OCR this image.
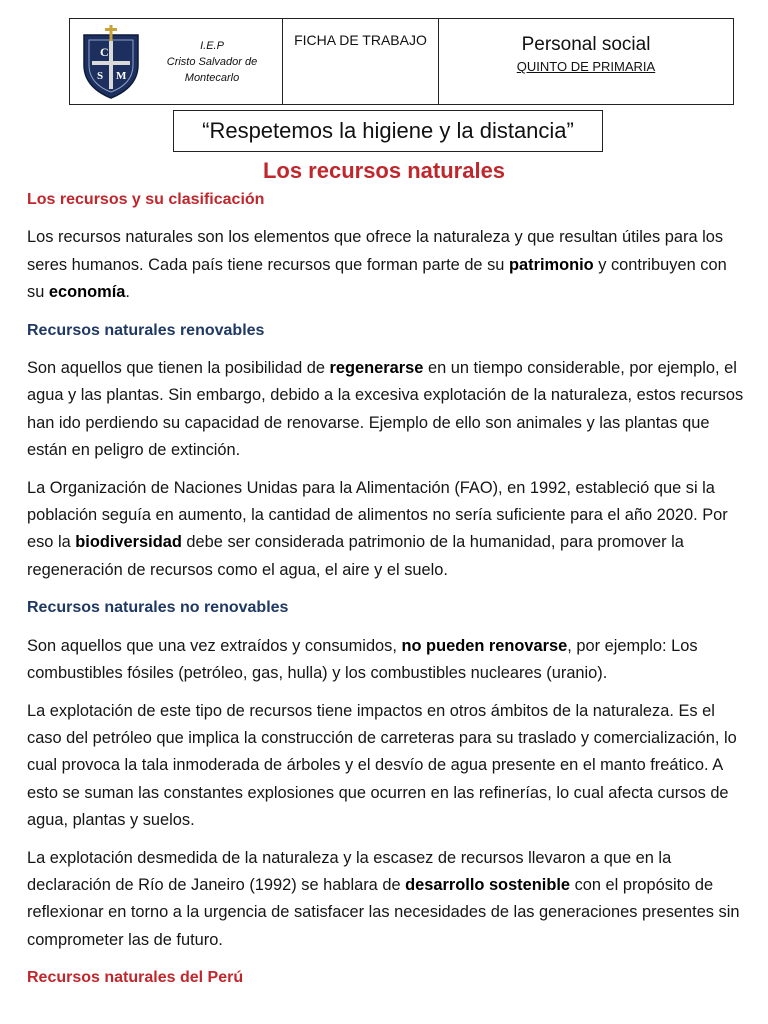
C
S M
I.E.P
Cristo Salvador de
Montecarlo

FICHA DE TRABAJO	Personal social
QUINTO DE PRIMARIA
“Respetemos la higiene y la distancia”
Los recursos naturales
Los recursos y su clasificación

Los recursos naturales son los elementos que ofrece la naturaleza y que resultan útiles para los seres humanos. Cada país tiene recursos que forman parte de su patrimonio y contribuyen con su economía.

Recursos naturales renovables

Son aquellos que tienen la posibilidad de regenerarse en un tiempo considerable, por ejemplo, el agua y las plantas. Sin embargo, debido a la excesiva explotación de la naturaleza, estos recursos han ido perdiendo su capacidad de renovarse. Ejemplo de ello son animales y las plantas que están en peligro de extinción.

La Organización de Naciones Unidas para la Alimentación (FAO), en 1992, estableció que si la población seguía en aumento, la cantidad de alimentos no sería suficiente para el año 2020. Por eso la biodiversidad debe ser considerada patrimonio de la humanidad, para promover la regeneración de recursos como el agua, el aire y el suelo.

Recursos naturales no renovables

Son aquellos que una vez extraídos y consumidos, no pueden renovarse, por ejemplo: Los combustibles fósiles (petróleo, gas, hulla) y los combustibles nucleares (uranio).

La explotación de este tipo de recursos tiene impactos en otros ámbitos de la naturaleza. Es el caso del petróleo que implica la construcción de carreteras para su traslado y comercialización, lo cual provoca la tala inmoderada de árboles y el desvío de agua presente en el manto freático. A esto se suman las constantes explosiones que ocurren en las refinerías, lo cual afecta cursos de agua, plantas y suelos.

La explotación desmedida de la naturaleza y la escasez de recursos llevaron a que en la declaración de Río de Janeiro (1992) se hablara de desarrollo sostenible con el propósito de reflexionar en torno a la urgencia de satisfacer las necesidades de las generaciones presentes sin comprometer las de futuro.

Recursos naturales del Perú
